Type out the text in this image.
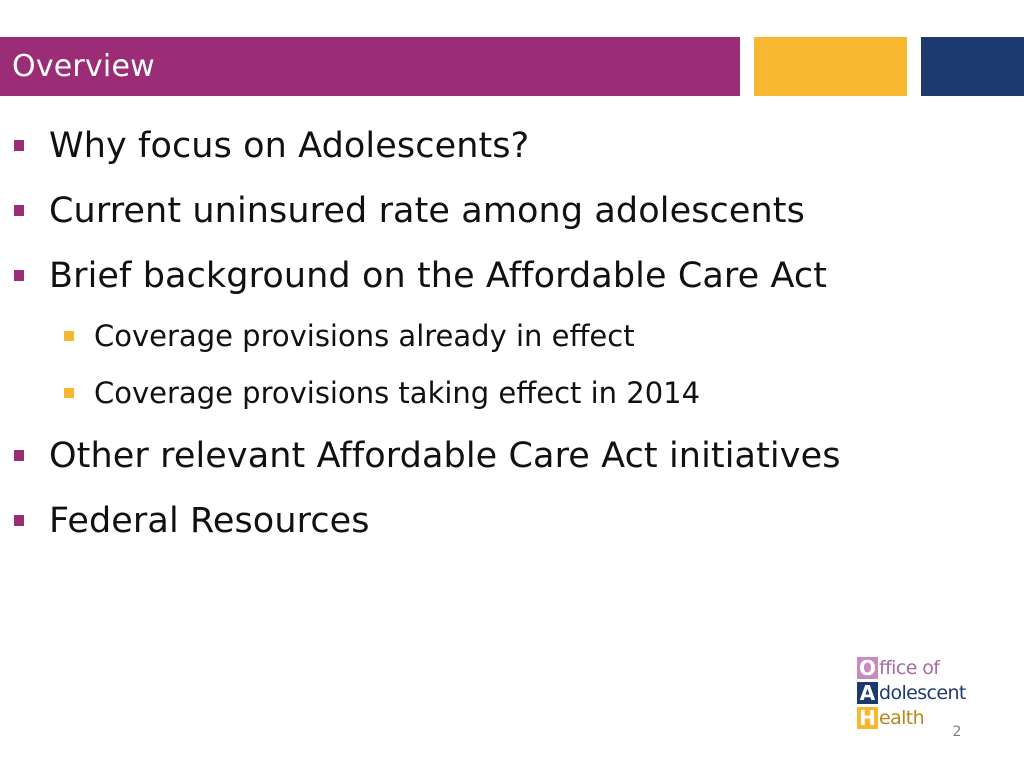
Overview
Why focus on Adolescents?
Current uninsured rate among adolescents
Brief background on the Affordable Care Act
Coverage provisions already in effect
Coverage provisions taking effect in 2014
Other relevant Affordable Care Act initiatives
Federal Resources
O ffice of
A dolescent
H ealth
2
